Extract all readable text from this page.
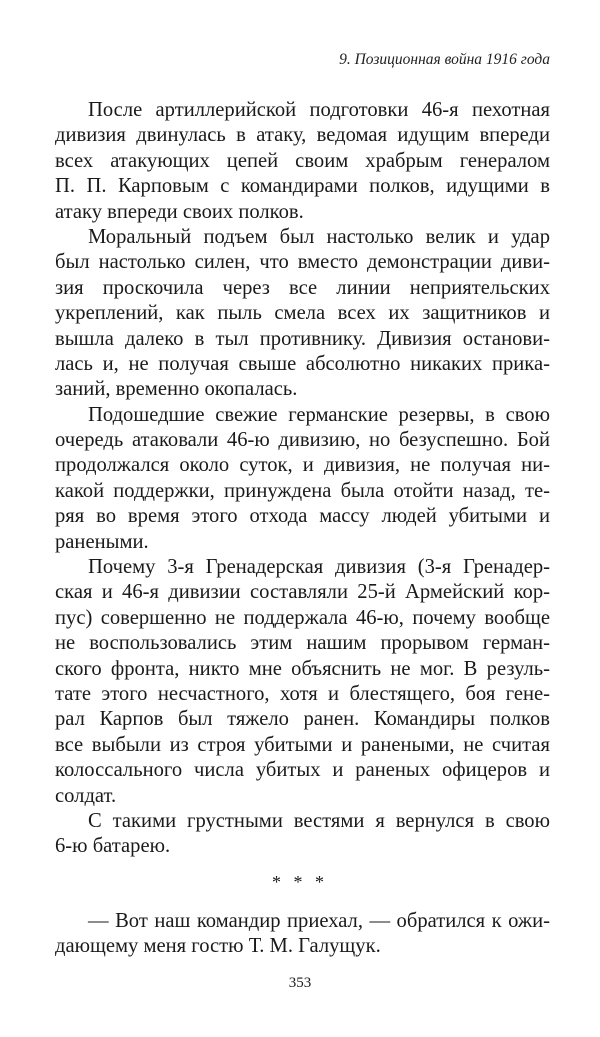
9. Позиционная война 1916 года
После артиллерийской подготовки 46-я пехотная
дивизия двинулась в атаку, ведомая идущим впереди
всех атакующих цепей своим храбрым генералом
П. П. Карповым с командирами полков, идущими в
атаку впереди своих полков.
Моральный подъем был настолько велик и удар
был настолько силен, что вместо демонстрации диви-
зия проскочила через все линии неприятельских
укреплений, как пыль смела всех их защитников и
вышла далеко в тыл противнику. Дивизия останови-
лась и, не получая свыше абсолютно никаких прика-
заний, временно окопалась.
Подошедшие свежие германские резервы, в свою
очередь атаковали 46-ю дивизию, но безуспешно. Бой
продолжался около суток, и дивизия, не получая ни-
какой поддержки, принуждена была отойти назад, те-
ряя во время этого отхода массу людей убитыми и
ранеными.
Почему 3-я Гренадерская дивизия (3-я Гренадер-
ская и 46-я дивизии составляли 25-й Армейский кор-
пус) совершенно не поддержала 46-ю, почему вообще
не воспользовались этим нашим прорывом герман-
ского фронта, никто мне объяснить не мог. В резуль-
тате этого несчастного, хотя и блестящего, боя гене-
рал Карпов был тяжело ранен. Командиры полков
все выбыли из строя убитыми и ранеными, не считая
колоссального числа убитых и раненых офицеров и
солдат.
С такими грустными вестями я вернулся в свою
6-ю батарею.
* * *
— Вот наш командир приехал, — обратился к ожи-
дающему меня гостю Т. М. Галущук.
353
